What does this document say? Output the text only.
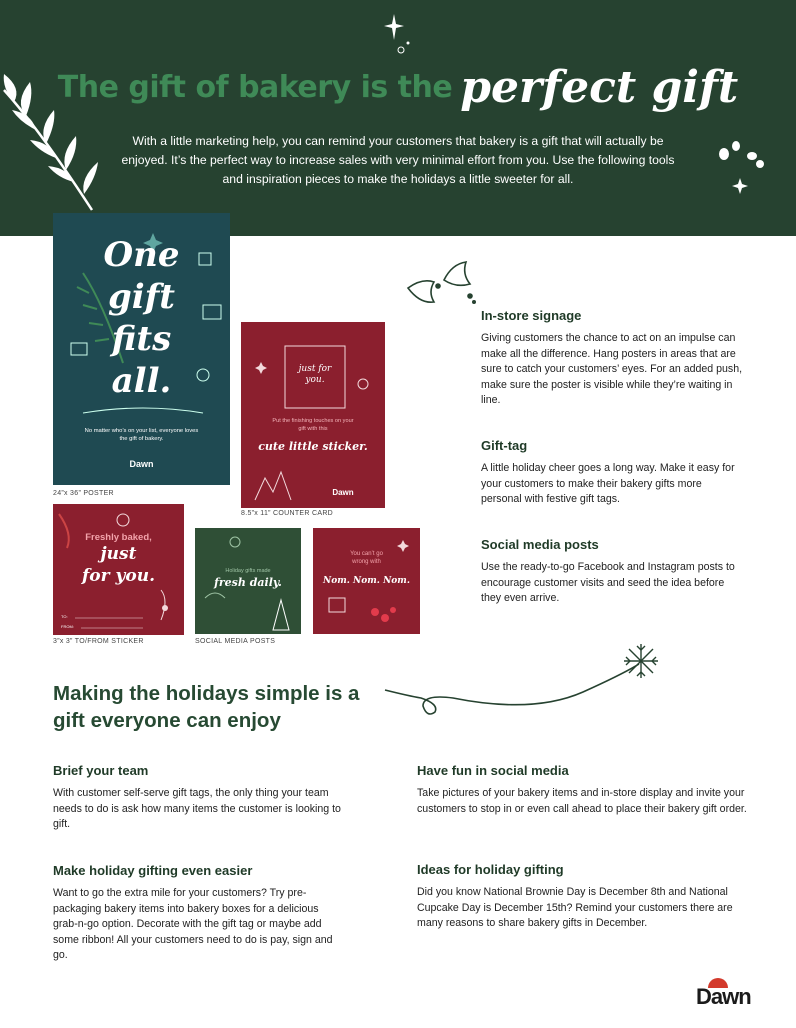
The gift of bakery is the perfect gift
With a little marketing help, you can remind your customers that bakery is a gift that will actually be enjoyed. It’s the perfect way to increase sales with very minimal effort from you. Use the following tools and inspiration pieces to make the holidays a little sweeter for all.
One
gift
fits
all.
No matter who’s on your list, everyone loves the gift of bakery.
Dawn
24”x 36” POSTER
just for you.
Put the finishing touches on your gift with this
cute little sticker.
Dawn
8.5”x 11” COUNTER CARD
Freshly baked,
just
for you.
TO:
FROM:
3”x 3” TO/FROM STICKER
Holiday gifts made
fresh daily.
You can’t go wrong with
Nom. Nom. Nom.
SOCIAL MEDIA POSTS
In-store signage
Giving customers the chance to act on an impulse can make all the difference. Hang posters in areas that are sure to catch your customers’ eyes. For an added push, make sure the poster is visible while they’re waiting in line.
Gift-tag
A little holiday cheer goes a long way. Make it easy for your customers to make their bakery gifts more personal with festive gift tags.
Social media posts
Use the ready-to-go Facebook and Instagram posts to encourage customer visits and seed the idea before they even arrive.
Making the holidays simple is a gift everyone can enjoy
Brief your team
With customer self-serve gift tags, the only thing your team needs to do is ask how many items the customer is looking to gift.
Make holiday gifting even easier
Want to go the extra mile for your customers? Try pre-packaging bakery items into bakery boxes for a delicious grab-n-go option. Decorate with the gift tag or maybe add some ribbon! All your customers need to do is pay, sign and go.
Have fun in social media
Take pictures of your bakery items and in-store display and invite your customers to stop in or even call ahead to place their bakery gift order.
Ideas for holiday gifting
Did you know National Brownie Day is December 8th and National Cupcake Day is December 15th? Remind your customers there are many reasons to share bakery gifts in December.
Dawn
